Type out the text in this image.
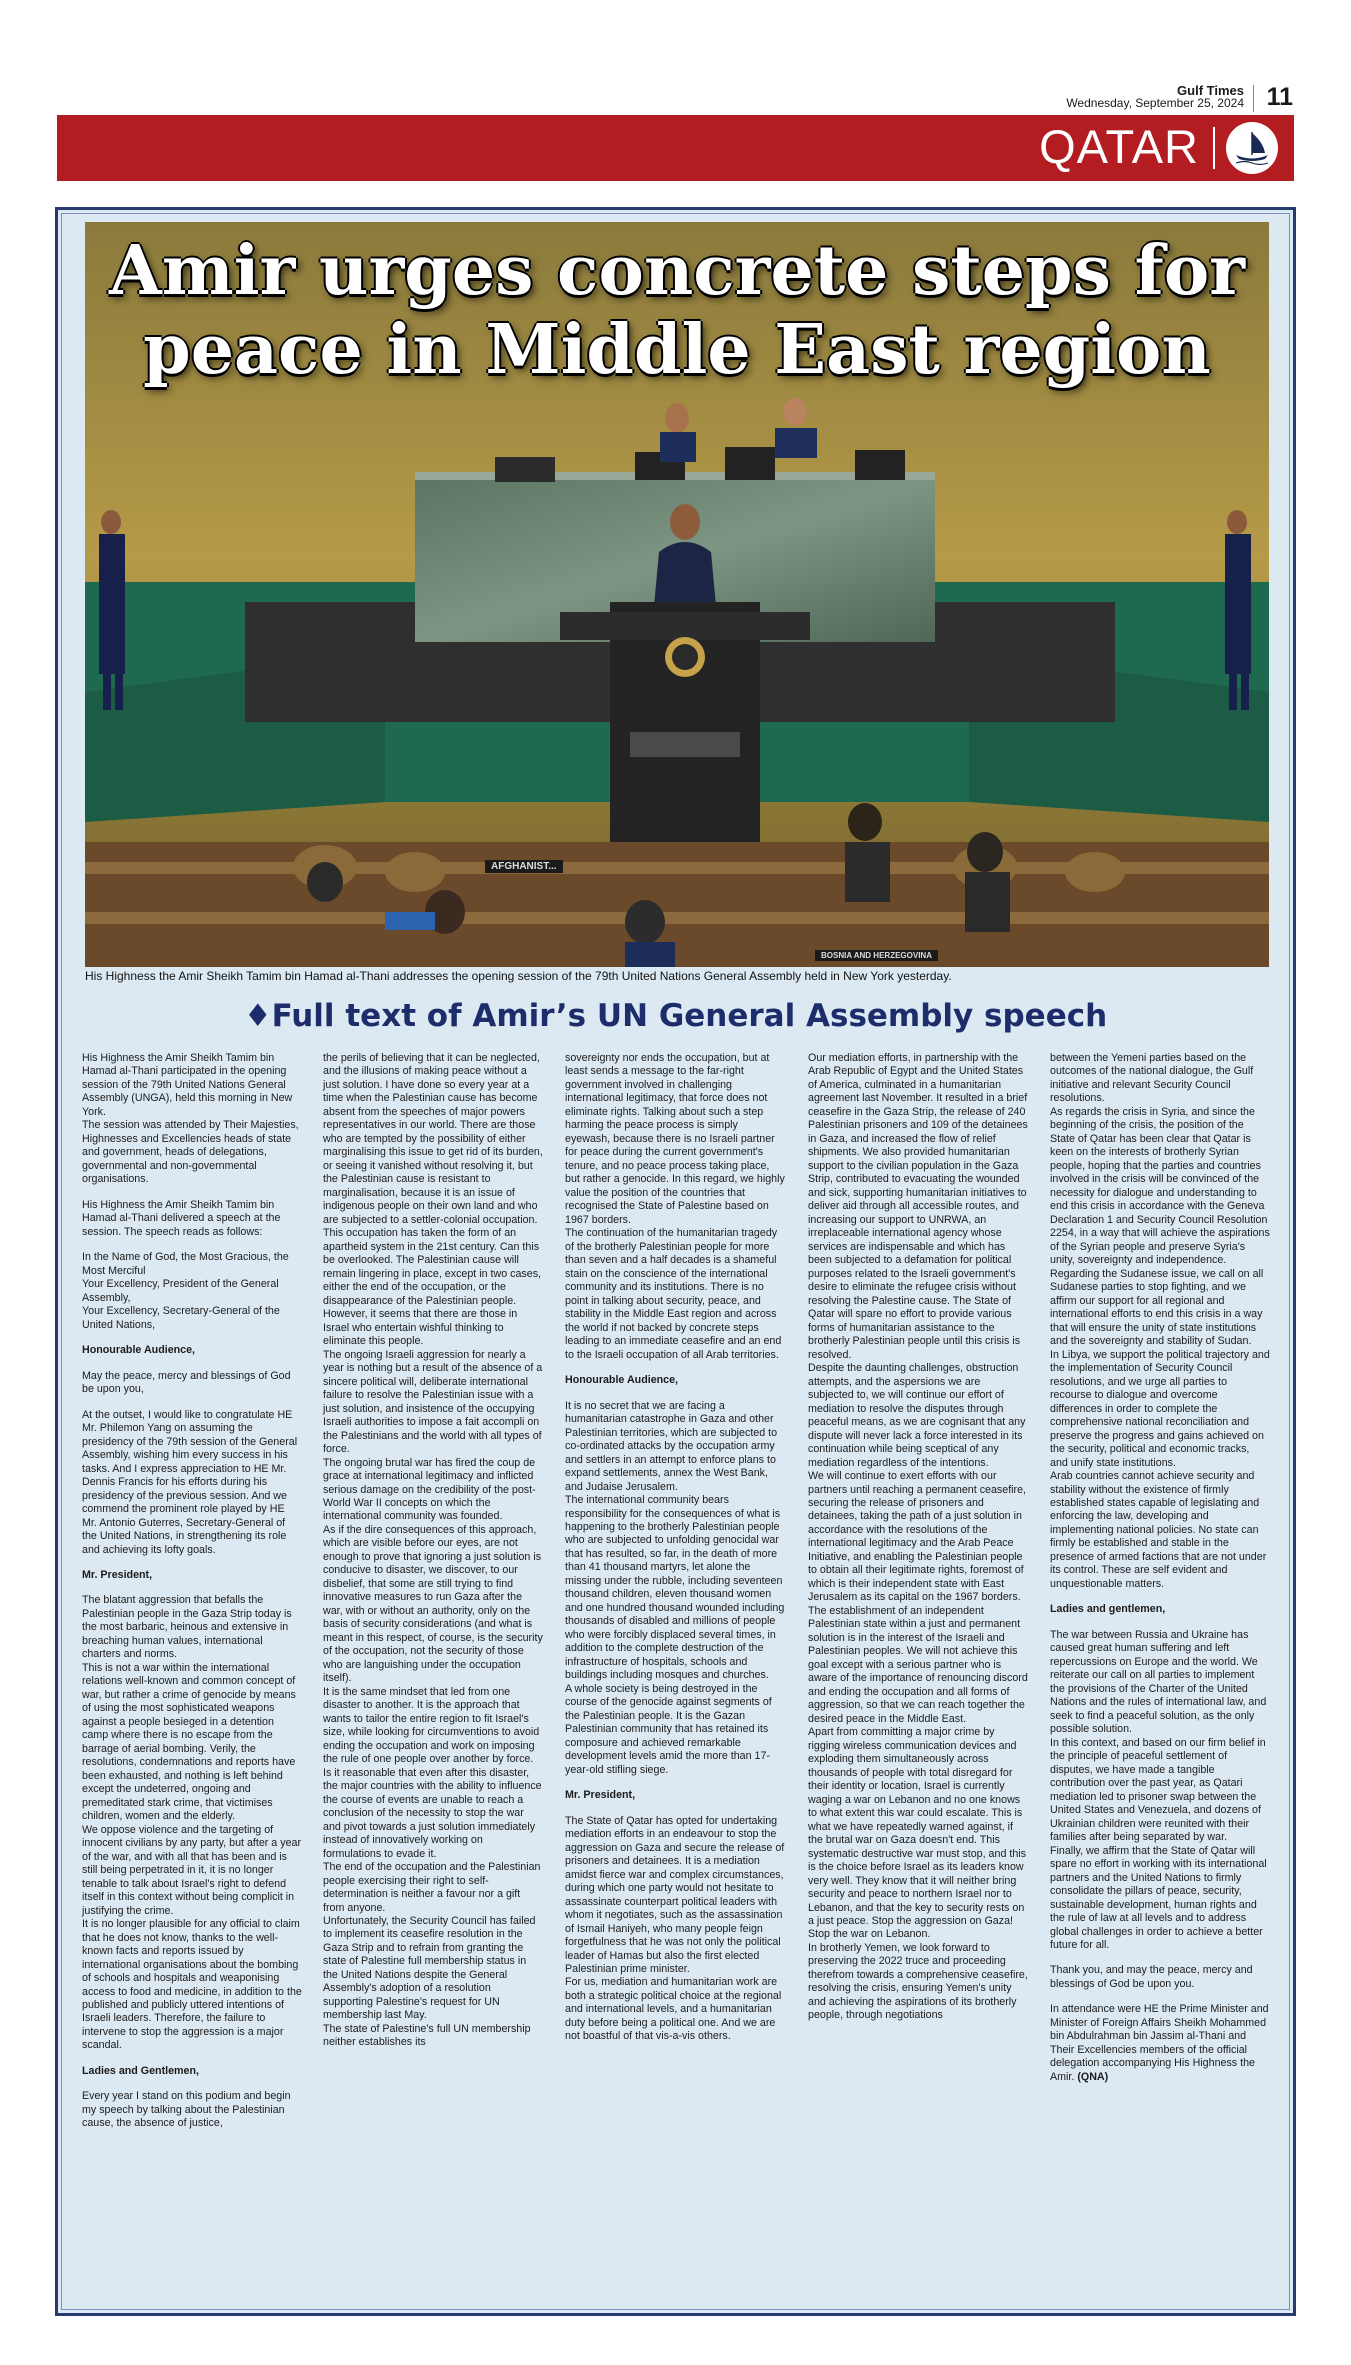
Gulf Times
Wednesday, September 25, 2024 11
QATAR
Amir urges concrete steps for peace in Middle East region
AFGHANIST...
BOSNIA AND HERZEGOVINA
His Highness the Amir Sheikh Tamim bin Hamad al-Thani addresses the opening session of the 79th United Nations General Assembly held in New York yesterday.
♦Full text of Amir’s UN General Assembly speech

His Highness the Amir Sheikh Tamim bin Hamad al-Thani participated in the opening session of the 79th United Nations General Assembly (UNGA), held this morning in New York.

The session was attended by Their Majesties, Highnesses and Excellencies heads of state and government, heads of delegations, governmental and non-governmental organisations.

His Highness the Amir Sheikh Tamim bin Hamad al-Thani delivered a speech at the session. The speech reads as follows:

In the Name of God, the Most Gracious, the Most Merciful

Your Excellency, President of the General Assembly,

Your Excellency, Secretary-General of the United Nations,

Honourable Audience,

May the peace, mercy and blessings of God be upon you,

At the outset, I would like to congratulate HE Mr. Philemon Yang on assuming the presidency of the 79th session of the General Assembly, wishing him every success in his tasks. And I express appreciation to HE Mr. Dennis Francis for his efforts during his presidency of the previous session. And we commend the prominent role played by HE Mr. Antonio Guterres, Secretary-General of the United Nations, in strengthening its role and achieving its lofty goals.

Mr. President,

The blatant aggression that befalls the Palestinian people in the Gaza Strip today is the most barbaric, heinous and extensive in breaching human values, international charters and norms.

This is not a war within the international relations well-known and common concept of war, but rather a crime of genocide by means of using the most sophisticated weapons against a people besieged in a detention camp where there is no escape from the barrage of aerial bombing. Verily, the resolutions, condemnations and reports have been exhausted, and nothing is left behind except the undeterred, ongoing and premeditated stark crime, that victimises children, women and the elderly.

We oppose violence and the targeting of innocent civilians by any party, but after a year of the war, and with all that has been and is still being perpetrated in it, it is no longer tenable to talk about Israel's right to defend itself in this context without being complicit in justifying the crime.

It is no longer plausible for any official to claim that he does not know, thanks to the well-known facts and reports issued by international organisations about the bombing of schools and hospitals and weaponising access to food and medicine, in addition to the published and publicly uttered intentions of Israeli leaders. Therefore, the failure to intervene to stop the aggression is a major scandal.

Ladies and Gentlemen,

Every year I stand on this podium and begin my speech by talking about the Palestinian cause, the absence of justice,

the perils of believing that it can be neglected, and the illusions of making peace without a just solution. I have done so every year at a time when the Palestinian cause has become absent from the speeches of major powers representatives in our world. There are those who are tempted by the possibility of either marginalising this issue to get rid of its burden, or seeing it vanished without resolving it, but the Palestinian cause is resistant to marginalisation, because it is an issue of indigenous people on their own land and who are subjected to a settler-colonial occupation.

This occupation has taken the form of an apartheid system in the 21st century. Can this be overlooked. The Palestinian cause will remain lingering in place, except in two cases, either the end of the occupation, or the disappearance of the Palestinian people. However, it seems that there are those in Israel who entertain wishful thinking to eliminate this people.

The ongoing Israeli aggression for nearly a year is nothing but a result of the absence of a sincere political will, deliberate international failure to resolve the Palestinian issue with a just solution, and insistence of the occupying Israeli authorities to impose a fait accompli on the Palestinians and the world with all types of force.

The ongoing brutal war has fired the coup de grace at international legitimacy and inflicted serious damage on the credibility of the post-World War II concepts on which the international community was founded.

As if the dire consequences of this approach, which are visible before our eyes, are not enough to prove that ignoring a just solution is conducive to disaster, we discover, to our disbelief, that some are still trying to find innovative measures to run Gaza after the war, with or without an authority, only on the basis of security considerations (and what is meant in this respect, of course, is the security of the occupation, not the security of those who are languishing under the occupation itself).

It is the same mindset that led from one disaster to another. It is the approach that wants to tailor the entire region to fit Israel's size, while looking for circumventions to avoid ending the occupation and work on imposing the rule of one people over another by force.

Is it reasonable that even after this disaster, the major countries with the ability to influence the course of events are unable to reach a conclusion of the necessity to stop the war and pivot towards a just solution immediately instead of innovatively working on formulations to evade it.

The end of the occupation and the Palestinian people exercising their right to self-determination is neither a favour nor a gift from anyone.

Unfortunately, the Security Council has failed to implement its ceasefire resolution in the Gaza Strip and to refrain from granting the state of Palestine full membership status in the United Nations despite the General Assembly's adoption of a resolution supporting Palestine's request for UN membership last May.

The state of Palestine's full UN membership neither establishes its

sovereignty nor ends the occupation, but at least sends a message to the far-right government involved in challenging international legitimacy, that force does not eliminate rights. Talking about such a step harming the peace process is simply eyewash, because there is no Israeli partner for peace during the current government's tenure, and no peace process taking place, but rather a genocide. In this regard, we highly value the position of the countries that recognised the State of Palestine based on 1967 borders.

The continuation of the humanitarian tragedy of the brotherly Palestinian people for more than seven and a half decades is a shameful stain on the conscience of the international community and its institutions. There is no point in talking about security, peace, and stability in the Middle East region and across the world if not backed by concrete steps leading to an immediate ceasefire and an end to the Israeli occupation of all Arab territories.

Honourable Audience,

It is no secret that we are facing a humanitarian catastrophe in Gaza and other Palestinian territories, which are subjected to co-ordinated attacks by the occupation army and settlers in an attempt to enforce plans to expand settlements, annex the West Bank, and Judaise Jerusalem.

The international community bears responsibility for the consequences of what is happening to the brotherly Palestinian people who are subjected to unfolding genocidal war that has resulted, so far, in the death of more than 41 thousand martyrs, let alone the missing under the rubble, including seventeen thousand children, eleven thousand women and one hundred thousand wounded including thousands of disabled and millions of people who were forcibly displaced several times, in addition to the complete destruction of the infrastructure of hospitals, schools and buildings including mosques and churches.

A whole society is being destroyed in the course of the genocide against segments of the Palestinian people. It is the Gazan Palestinian community that has retained its composure and achieved remarkable development levels amid the more than 17-year-old stifling siege.

Mr. President,

The State of Qatar has opted for undertaking mediation efforts in an endeavour to stop the aggression on Gaza and secure the release of prisoners and detainees. It is a mediation amidst fierce war and complex circumstances, during which one party would not hesitate to assassinate counterpart political leaders with whom it negotiates, such as the assassination of Ismail Haniyeh, who many people feign forgetfulness that he was not only the political leader of Hamas but also the first elected Palestinian prime minister.

For us, mediation and humanitarian work are both a strategic political choice at the regional and international levels, and a humanitarian duty before being a political one. And we are not boastful of that vis-a-vis others.

Our mediation efforts, in partnership with the Arab Republic of Egypt and the United States of America, culminated in a humanitarian agreement last November. It resulted in a brief ceasefire in the Gaza Strip, the release of 240 Palestinian prisoners and 109 of the detainees in Gaza, and increased the flow of relief shipments. We also provided humanitarian support to the civilian population in the Gaza Strip, contributed to evacuating the wounded and sick, supporting humanitarian initiatives to deliver aid through all accessible routes, and increasing our support to UNRWA, an irreplaceable international agency whose services are indispensable and which has been subjected to a defamation for political purposes related to the Israeli government's desire to eliminate the refugee crisis without resolving the Palestine cause. The State of Qatar will spare no effort to provide various forms of humanitarian assistance to the brotherly Palestinian people until this crisis is resolved.

Despite the daunting challenges, obstruction attempts, and the aspersions we are subjected to, we will continue our effort of mediation to resolve the disputes through peaceful means, as we are cognisant that any dispute will never lack a force interested in its continuation while being sceptical of any mediation regardless of the intentions.

We will continue to exert efforts with our partners until reaching a permanent ceasefire, securing the release of prisoners and detainees, taking the path of a just solution in accordance with the resolutions of the international legitimacy and the Arab Peace Initiative, and enabling the Palestinian people to obtain all their legitimate rights, foremost of which is their independent state with East Jerusalem as its capital on the 1967 borders.

The establishment of an independent Palestinian state within a just and permanent solution is in the interest of the Israeli and Palestinian peoples. We will not achieve this goal except with a serious partner who is aware of the importance of renouncing discord and ending the occupation and all forms of aggression, so that we can reach together the desired peace in the Middle East.

Apart from committing a major crime by rigging wireless communication devices and exploding them simultaneously across thousands of people with total disregard for their identity or location, Israel is currently waging a war on Lebanon and no one knows to what extent this war could escalate. This is what we have repeatedly warned against, if the brutal war on Gaza doesn't end. This systematic destructive war must stop, and this is the choice before Israel as its leaders know very well. They know that it will neither bring security and peace to northern Israel nor to Lebanon, and that the key to security rests on a just peace. Stop the aggression on Gaza! Stop the war on Lebanon.

In brotherly Yemen, we look forward to preserving the 2022 truce and proceeding therefrom towards a comprehensive ceasefire, resolving the crisis, ensuring Yemen's unity and achieving the aspirations of its brotherly people, through negotiations

between the Yemeni parties based on the outcomes of the national dialogue, the Gulf initiative and relevant Security Council resolutions.

As regards the crisis in Syria, and since the beginning of the crisis, the position of the State of Qatar has been clear that Qatar is keen on the interests of brotherly Syrian people, hoping that the parties and countries involved in the crisis will be convinced of the necessity for dialogue and understanding to end this crisis in accordance with the Geneva Declaration 1 and Security Council Resolution 2254, in a way that will achieve the aspirations of the Syrian people and preserve Syria's unity, sovereignty and independence.

Regarding the Sudanese issue, we call on all Sudanese parties to stop fighting, and we affirm our support for all regional and international efforts to end this crisis in a way that will ensure the unity of state institutions and the sovereignty and stability of Sudan.

In Libya, we support the political trajectory and the implementation of Security Council resolutions, and we urge all parties to recourse to dialogue and overcome differences in order to complete the comprehensive national reconciliation and preserve the progress and gains achieved on the security, political and economic tracks, and unify state institutions.

Arab countries cannot achieve security and stability without the existence of firmly established states capable of legislating and enforcing the law, developing and implementing national policies. No state can firmly be established and stable in the presence of armed factions that are not under its control. These are self evident and unquestionable matters.

Ladies and gentlemen,

The war between Russia and Ukraine has caused great human suffering and left repercussions on Europe and the world. We reiterate our call on all parties to implement the provisions of the Charter of the United Nations and the rules of international law, and seek to find a peaceful solution, as the only possible solution.

In this context, and based on our firm belief in the principle of peaceful settlement of disputes, we have made a tangible contribution over the past year, as Qatari mediation led to prisoner swap between the United States and Venezuela, and dozens of Ukrainian children were reunited with their families after being separated by war.

Finally, we affirm that the State of Qatar will spare no effort in working with its international partners and the United Nations to firmly consolidate the pillars of peace, security, sustainable development, human rights and the rule of law at all levels and to address global challenges in order to achieve a better future for all.

Thank you, and may the peace, mercy and blessings of God be upon you.

In attendance were HE the Prime Minister and Minister of Foreign Affairs Sheikh Mohammed bin Abdulrahman bin Jassim al-Thani and Their Excellencies members of the official delegation accompanying His Highness the Amir. (QNA)
